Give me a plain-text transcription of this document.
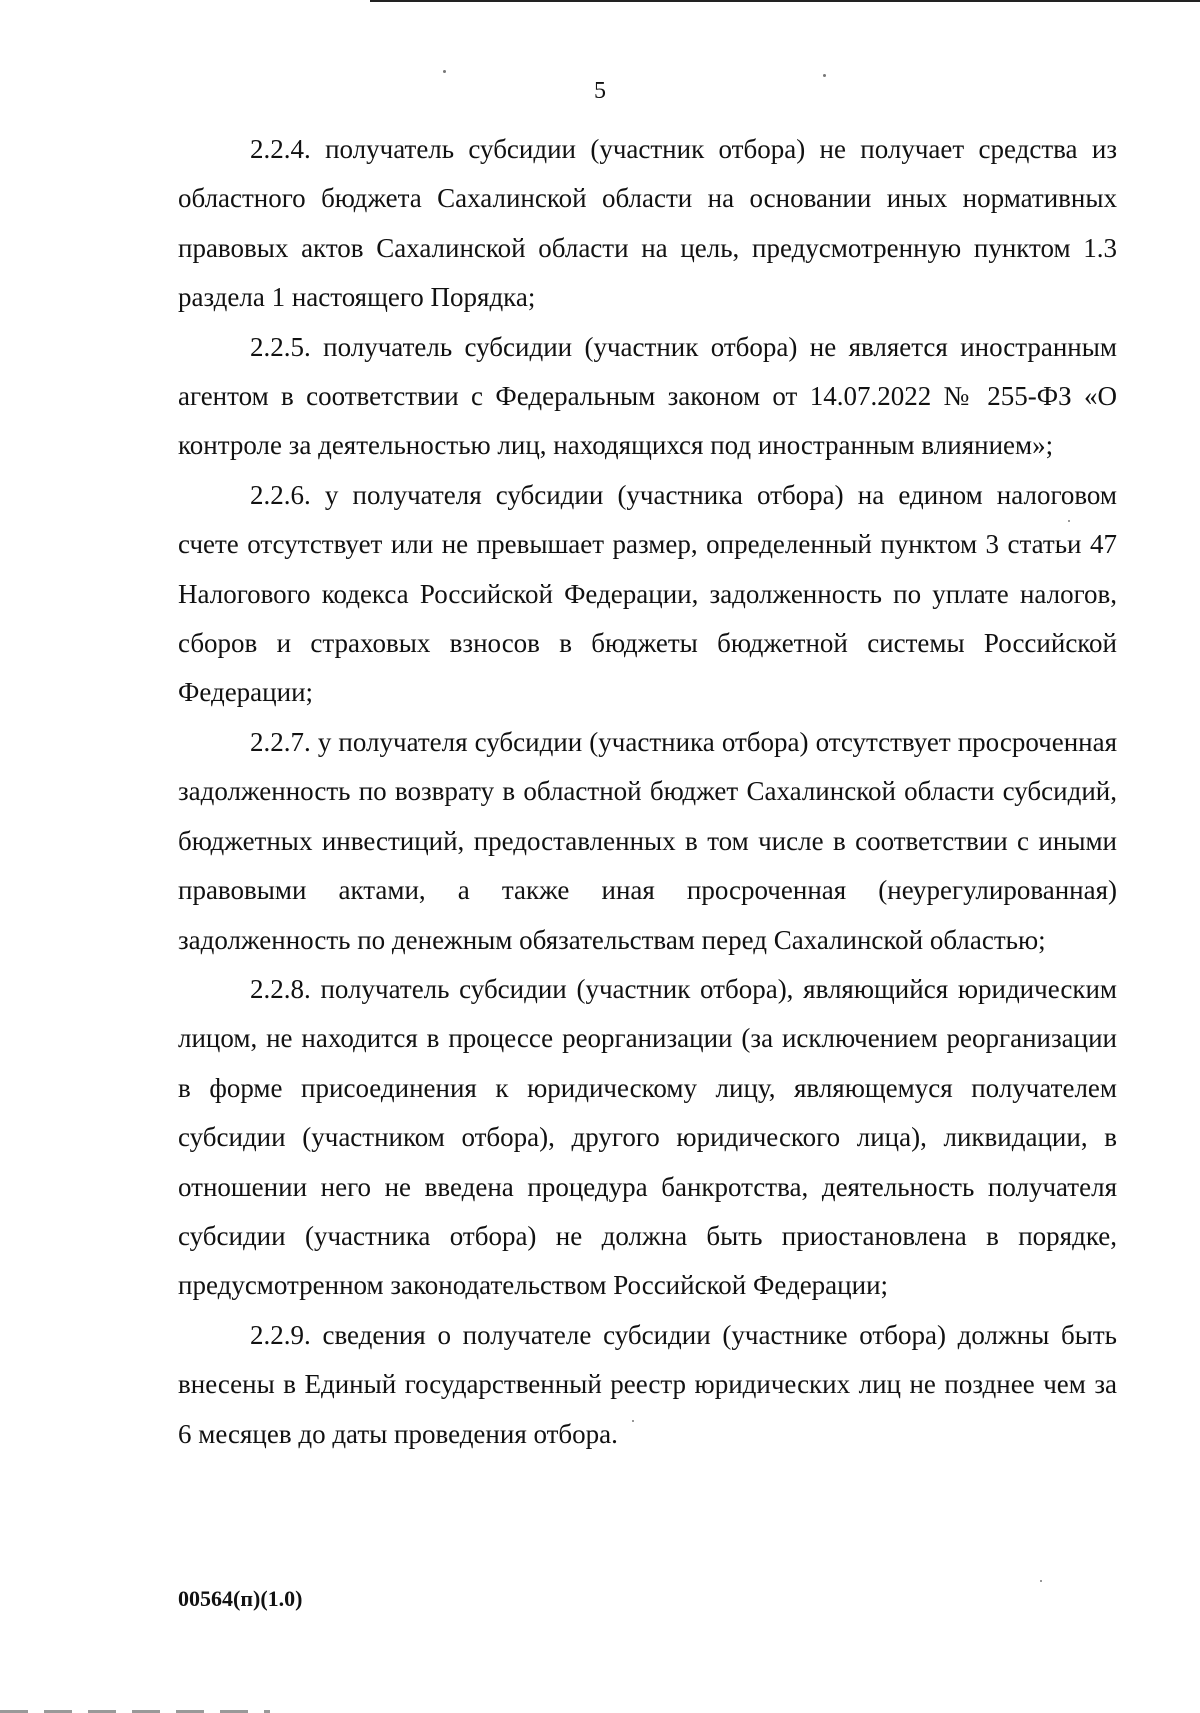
5

2.2.4. получатель субсидии (участник отбора) не получает средства из областного бюджета Сахалинской области на основании иных нормативных правовых актов Сахалинской области на цель, предусмотренную пунктом 1.3 раздела 1 настоящего Порядка;

2.2.5. получатель субсидии (участник отбора) не является иностранным агентом в соответствии с Федеральным законом от 14.07.2022 № 255-ФЗ «О контроле за деятельностью лиц, находящихся под иностранным влиянием»;

2.2.6. у получателя субсидии (участника отбора) на едином налоговом счете отсутствует или не превышает размер, определенный пунктом 3 статьи 47 Налогового кодекса Российской Федерации, задолженность по уплате налогов, сборов и страховых взносов в бюджеты бюджетной системы Российской Федерации;

2.2.7. у получателя субсидии (участника отбора) отсутствует просроченная задолженность по возврату в областной бюджет Сахалинской области субсидий, бюджетных инвестиций, предоставленных в том числе в соответствии с иными правовыми актами, а также иная просроченная (неурегулированная) задолженность по денежным обязательствам перед Сахалинской областью;

2.2.8. получатель субсидии (участник отбора), являющийся юридическим лицом, не находится в процессе реорганизации (за исключением реорганизации в форме присоединения к юридическому лицу, являющемуся получателем субсидии (участником отбора), другого юридического лица), ликвидации, в отношении него не введена процедура банкротства, деятельность получателя субсидии (участника отбора) не должна быть приостановлена в порядке, предусмотренном законодательством Российской Федерации;

2.2.9. сведения о получателе субсидии (участнике отбора) должны быть внесены в Единый государственный реестр юридических лиц не позднее чем за 6 месяцев до даты проведения отбора.

00564(п)(1.0)
